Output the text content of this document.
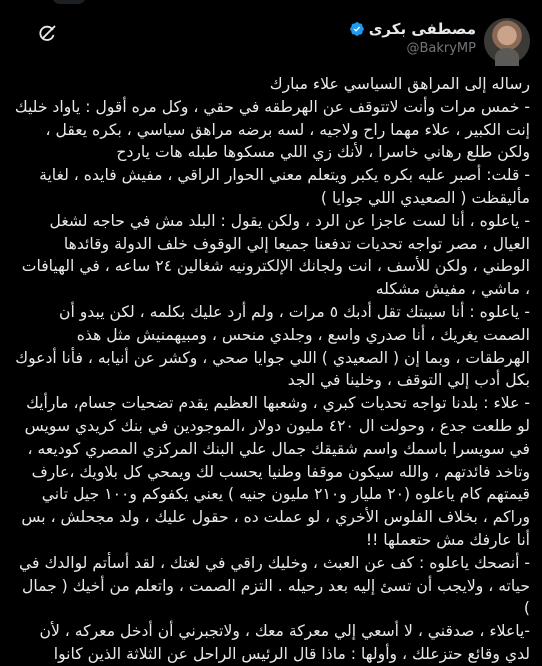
مصطفى بكرى
@BakryMP
رساله إلى المراهق السياسي علاء مبارك
- خمس مرات وأنت لاتتوقف عن الهرطقه في حقي ، وكل مره أقول : ياواد خليك إنت الكبير ، علاء مهما راح ولاجيه ، لسه برضه مراهق سياسي ، بكره يعقل ، ولكن طلع رهاني خاسرا ، لأنك زي اللي مسكوها طبله هات ياردح
- قلت: أصبر عليه بكره يكبر ويتعلم معني الحوار الراقي ، مفيش فايده ، لغاية مأليقظت ( الصعيدي اللي جوايا )
- ياعلوه ، أنا لست عاجزا عن الرد ، ولكن يقول : البلد مش في حاجه لشغل العيال ، مصر تواجه تحديات تدفعنا جميعا إلي الوقوف خلف الدولة وقائدها الوطني ، ولكن للأسف ، انت ولجانك الإلكترونيه شغالين ٢٤ ساعه ، في الهيافات ، ماشي ، مفيش مشكله
- ياعلوه : أنا سيبتك تقل أدبك ٥ مرات ، ولم أرد عليك بكلمه ، لكن يبدو أن الصمت يغريك ، أنا صدري واسع ، وجلدي منحس ، ومبيهمنيش مثل هذه الهرطقات ، وبما إن ( الصعيدي ) اللي جوايا صحي ، وكشر عن أنيابه ، فأنا أدعوك بكل أدب إلي التوقف ، وخلينا في الجد
- علاء : بلدنا تواجه تحديات كبري ، وشعبها العظيم يقدم تضحيات جسام، مارأيك لو طلعت جدع ، وحولت ال ٤٢٠ مليون دولار ،الموجودين في بنك كريدي سويس في سويسرا باسمك واسم شقيقك جمال علي البنك المركزي المصري كوديعه ، وتاخد فائدتهم ، والله سيكون موقفا وطنيا يحسب لك ويمحي كل بلاويك ،عارف قيمتهم كام ياعلوه (٢٠ مليار و٢١٠ مليون جنيه ) يعني يكفوكم و١٠٠ جيل تاني وراكم ، بخلاف الفلوس الأخري ، لو عملت ده ، حقول عليك ، ولد مجحلش ، بس أنا عارفك مش حتعملها !!
- أنصحك ياعلوه : كف عن العبث ، وخليك راقي في لغتك ، لقد أسأتم لوالدك في حياته ، ولايجب أن تسئ إليه بعد رحيله . التزم الصمت ، واتعلم من أخيك ( جمال )
-ياعلاء ، صدقني ، لا أسعي إلي معركة معك ، ولاتجبرني أن أدخل معركه ، لأن لدي وقائع حتزعلك ، وأولها : ماذا قال الرئيس الراحل عن الثلاثة الذين كانوا
